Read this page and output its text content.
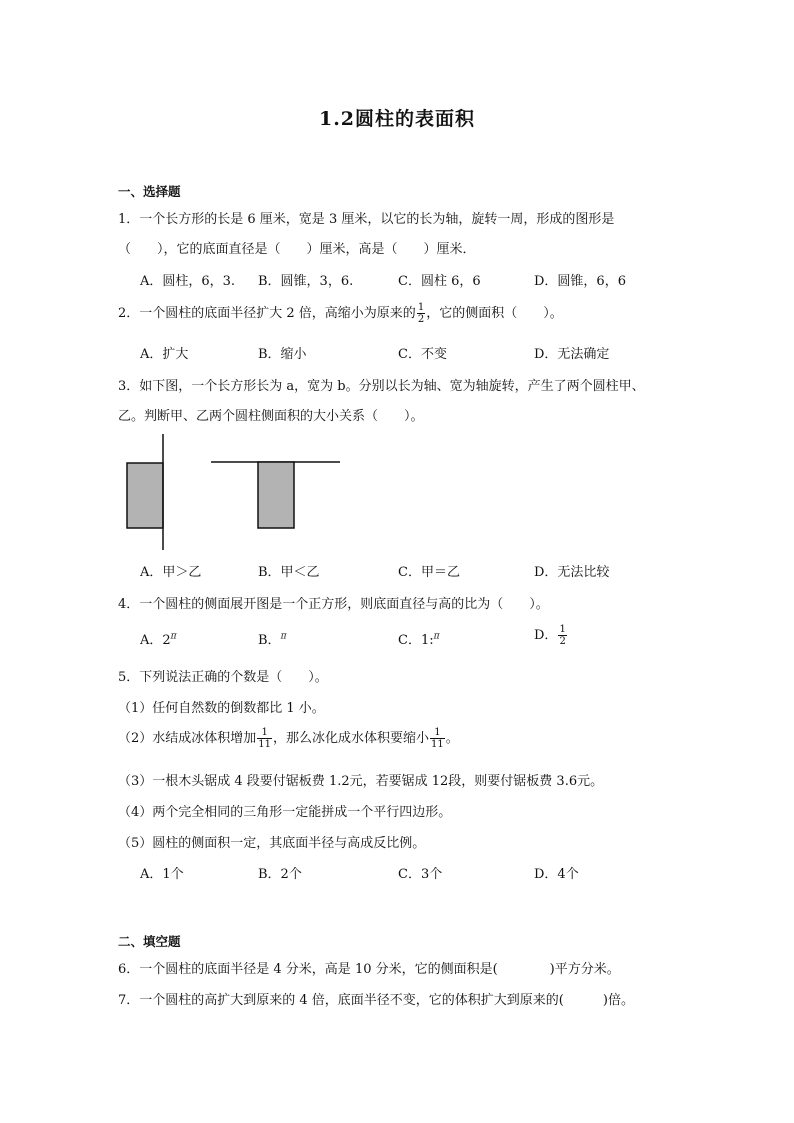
1.2圆柱的表面积
一、选择题
1．一个长方形的长是 6 厘米，宽是 3 厘米，以它的长为轴，旋转一周，形成的图形是
（　　），它的底面直径是（　　）厘米，高是（　　）厘米．
A．圆柱，6，3. B．圆锥，3，6.	C．圆柱 6，6	D．圆锥，6，6
2．一个圆柱的底面半径扩大 2 倍，高缩小为原来的 $\frac{1}{2}$ ，它的侧面积（　　）。
A．扩大	B．缩小	C．不变	D．无法确定
3．如下图，一个长方形长为 a，宽为 b。分别以长为轴、宽为轴旋转，产生了两个圆柱甲、
乙。判断甲、乙两个圆柱侧面积的大小关系（　　）。
A．甲＞乙	B．甲＜乙	C．甲＝乙	D．无法比较
4．一个圆柱的侧面展开图是一个正方形，则底面直径与高的比为（　　）。
A．$2^\pi$	B．$^\pi$	C．1:$^\pi$	D． $\frac{1}{2}$
5．下列说法正确的个数是（　　）。
（1）任何自然数的倒数都比 1 小。
（2）水结成冰体积增加 $\frac{1}{11}$ ，那么冰化成水体积要缩小 $\frac{1}{11}$ 。
（3）一根木头锯成 4 段要付锯板费 1.2元，若要锯成 12段，则要付锯板费 3.6元。
（4）两个完全相同的三角形一定能拼成一个平行四边形。
（5）圆柱的侧面积一定，其底面半径与高成反比例。
A．1个	B．2个	C．3个	D．4个
二、填空题
6．一个圆柱的底面半径是 4 分米，高是 10 分米，它的侧面积是(　　　　)平方分米。
7．一个圆柱的高扩大到原来的 4 倍，底面半径不变，它的体积扩大到原来的(　　　)倍。
